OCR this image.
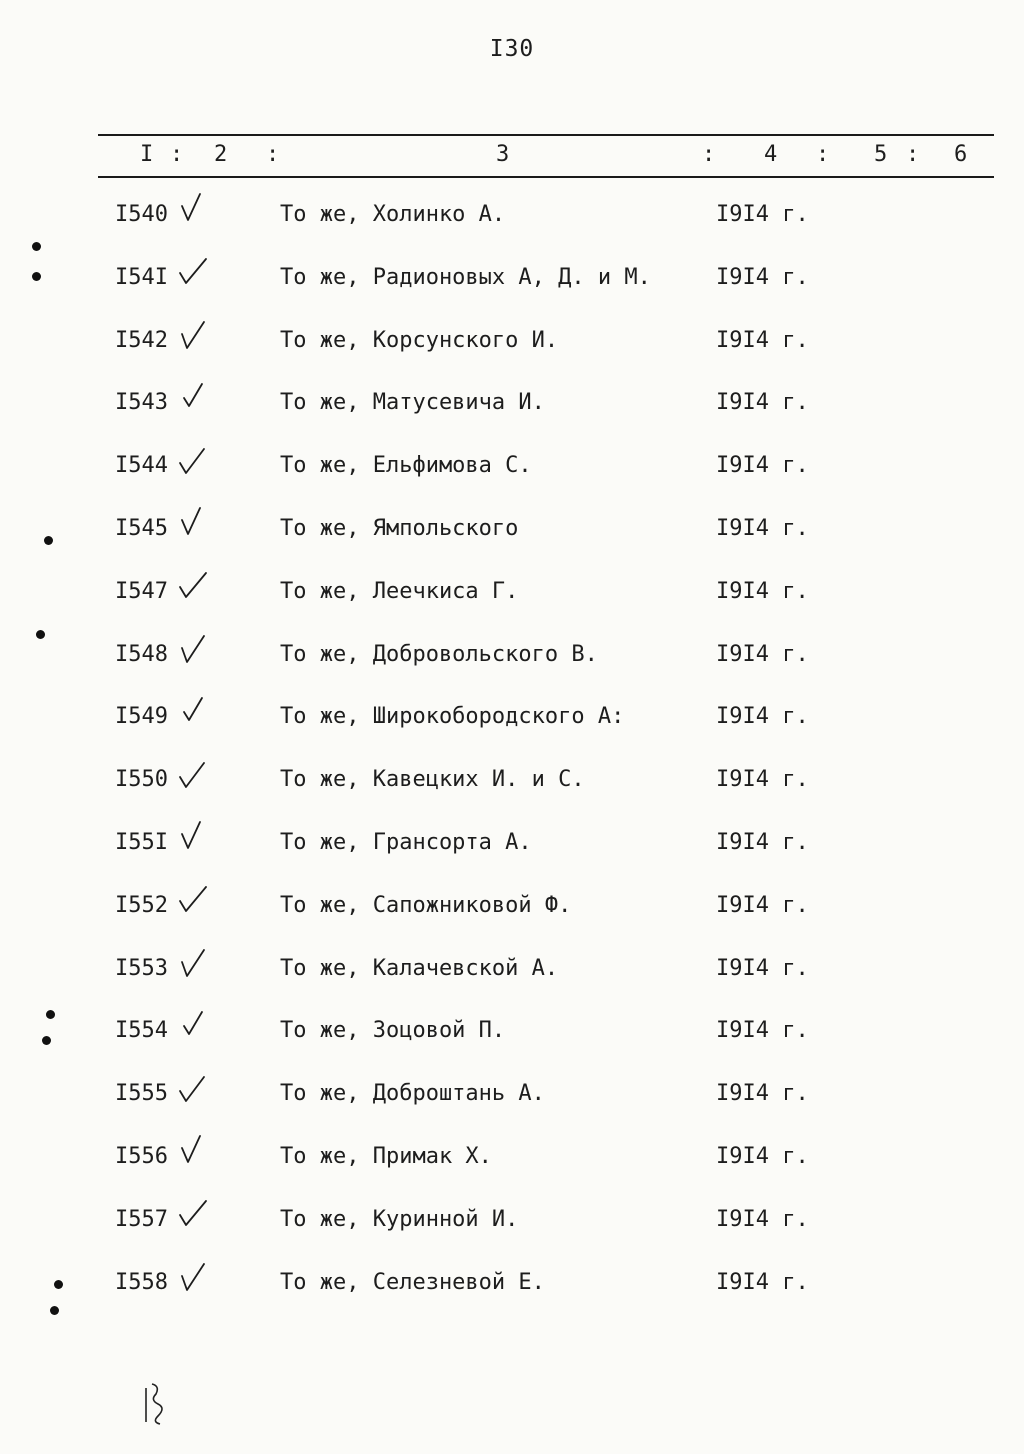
I30
I : 2 :	3	: 4 : 5 : 6
I540	То же, Холинко А.	I9I4 г.
I54I	То же, Радионовых А, Д. и М.	I9I4 г.
I542	То же, Корсунского И.	I9I4 г.
I543	То же, Матусевича И.	I9I4 г.
I544	То же, Ельфимова С.	I9I4 г.
I545	То же, Ямпольского	I9I4 г.
I547	То же, Леечкиса Г.	I9I4 г.
I548	То же, Добровольского В.	I9I4 г.
I549	То же, Широкобородского А:	I9I4 г.
I550	То же, Кавецких И. и С.	I9I4 г.
I55I	То же, Грансорта А.	I9I4 г.
I552	То же, Сапожниковой Ф.	I9I4 г.
I553	То же, Калачевской А.	I9I4 г.
I554	То же, Зоцовой П.	I9I4 г.
I555	То же, Доброштань А.	I9I4 г.
I556	То же, Примак Х.	I9I4 г.
I557	То же, Куринной И.	I9I4 г.
I558	То же, Селезневой Е.	I9I4 г.
